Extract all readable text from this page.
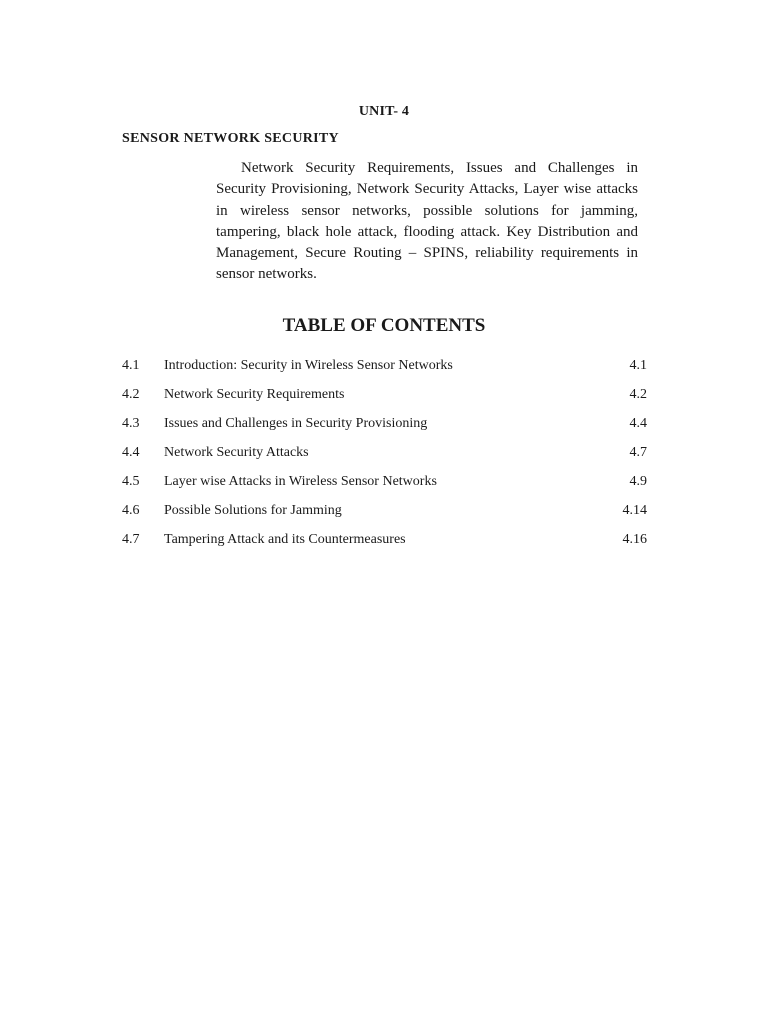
UNIT- 4
SENSOR NETWORK SECURITY

Network Security Requirements, Issues and Challenges in Security Provisioning, Network Security Attacks, Layer wise attacks in wireless sensor networks, possible solutions for jamming, tampering, black hole attack, flooding attack. Key Distribution and Management, Secure Routing – SPINS, reliability requirements in sensor networks.

TABLE OF CONTENTS
4.1 Introduction: Security in Wireless Sensor Networks	4.1
4.2 Network Security Requirements	4.2
4.3 Issues and Challenges in Security Provisioning	4.4
4.4 Network Security Attacks	4.7
4.5 Layer wise Attacks in Wireless Sensor Networks	4.9
4.6 Possible Solutions for Jamming	4.14
4.7 Tampering Attack and its Countermeasures	4.16
